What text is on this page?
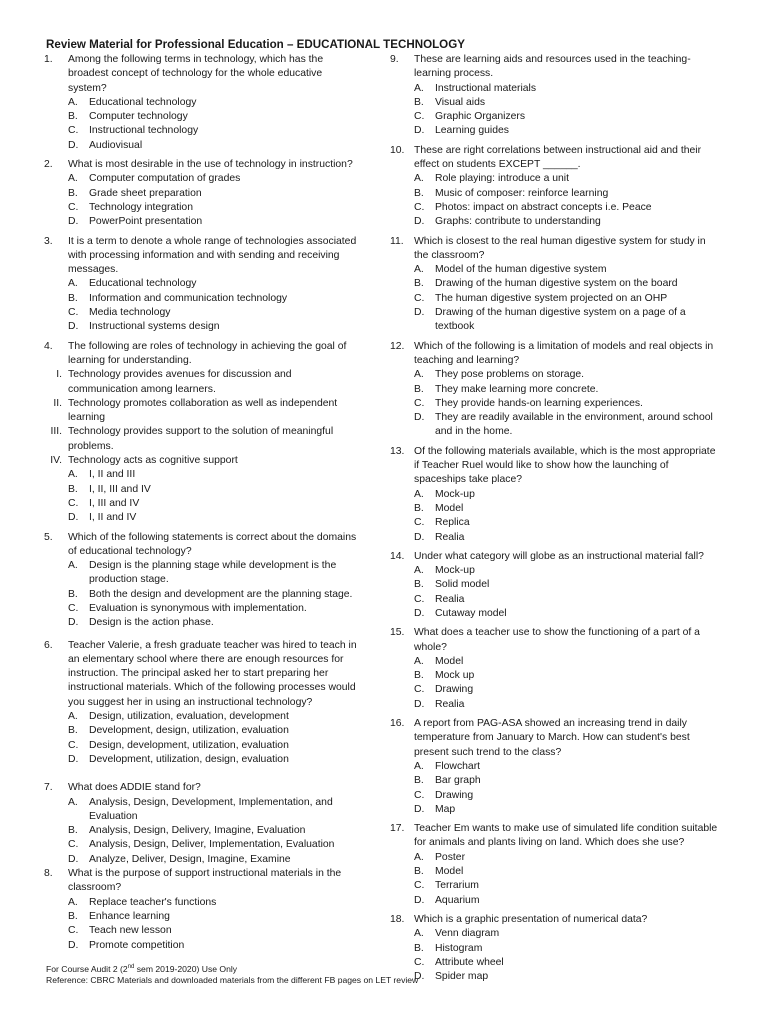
Review Material for Professional Education – EDUCATIONAL TECHNOLOGY
1.	Among the following terms in technology, which has the broadest concept of technology for the whole educative system?
A.	Educational technology
B.	Computer technology
C.	Instructional technology
D.	Audiovisual
2.	What is most desirable in the use of technology in instruction?
A.	Computer computation of grades
B.	Grade sheet preparation
C.	Technology integration
D.	PowerPoint presentation
3.	It is a term to denote a whole range of technologies associated with processing information and with sending and receiving messages.
A.	Educational technology
B.	Information and communication technology
C.	Media technology
D.	Instructional systems design
4.	The following are roles of technology in achieving the goal of learning for understanding.
I. Technology provides avenues for discussion and communication among learners.
II. Technology promotes collaboration as well as independent learning
III. Technology provides support to the solution of meaningful problems.
IV. Technology acts as cognitive support
A.	I, II and III
B.	I, II, III and IV
C.	I, III and IV
D.	I, II and IV
5.	Which of the following statements is correct about the domains of educational technology?
A.	Design is the planning stage while development is the production stage.
B.	Both the design and development are the planning stage.
C.	Evaluation is synonymous with implementation.
D.	Design is the action phase.
6.	Teacher Valerie, a fresh graduate teacher was hired to teach in an elementary school where there are enough resources for instruction. The principal asked her to start preparing her instructional materials. Which of the following processes would you suggest her in using an instructional technology?
A.	Design, utilization, evaluation, development
B.	Development, design, utilization, evaluation
C.	Design, development, utilization, evaluation
D.	Development, utilization, design, evaluation
7.	What does ADDIE stand for?
A.	Analysis, Design, Development, Implementation, and Evaluation
B.	Analysis, Design, Delivery, Imagine, Evaluation
C.	Analysis, Design, Deliver, Implementation, Evaluation
D.	Analyze, Deliver, Design, Imagine, Examine
8.	What is the purpose of support instructional materials in the classroom?
A.	Replace teacher's functions
B.	Enhance learning
C.	Teach new lesson
D.	Promote competition
9.	These are learning aids and resources used in the teaching-learning process.
A.	Instructional materials
B.	Visual aids
C.	Graphic Organizers
D.	Learning guides
10. These are right correlations between instructional aid and their effect on students EXCEPT ______.
A.	Role playing: introduce a unit
B.	Music of composer: reinforce learning
C.	Photos: impact on abstract concepts i.e. Peace
D.	Graphs: contribute to understanding
11. Which is closest to the real human digestive system for study in the classroom?
A.	Model of the human digestive system
B.	Drawing of the human digestive system on the board
C.	The human digestive system projected on an OHP
D.	Drawing of the human digestive system on a page of a textbook
12. Which of the following is a limitation of models and real objects in teaching and learning?
A.	They pose problems on storage.
B.	They make learning more concrete.
C.	They provide hands-on learning experiences.
D.	They are readily available in the environment, around school and in the home.
13. Of the following materials available, which is the most appropriate if Teacher Ruel would like to show how the launching of spaceships take place?
A.	Mock-up
B.	Model
C.	Replica
D.	Realia
14. Under what category will globe as an instructional material fall?
A.	Mock-up
B.	Solid model
C.	Realia
D.	Cutaway model
15. What does a teacher use to show the functioning of a part of a whole?
A.	Model
B.	Mock up
C.	Drawing
D.	Realia
16. A report from PAG-ASA showed an increasing trend in daily temperature from January to March. How can student's best present such trend to the class?
A.	Flowchart
B.	Bar graph
C.	Drawing
D.	Map
17. Teacher Em wants to make use of simulated life condition suitable for animals and plants living on land. Which does she use?
A.	Poster
B.	Model
C.	Terrarium
D.	Aquarium
18. Which is a graphic presentation of numerical data?
A.	Venn diagram
B.	Histogram
C.	Attribute wheel
D.	Spider map
For Course Audit 2 (2nd sem 2019-2020) Use Only
Reference: CBRC Materials and downloaded materials from the different FB pages on LET review
